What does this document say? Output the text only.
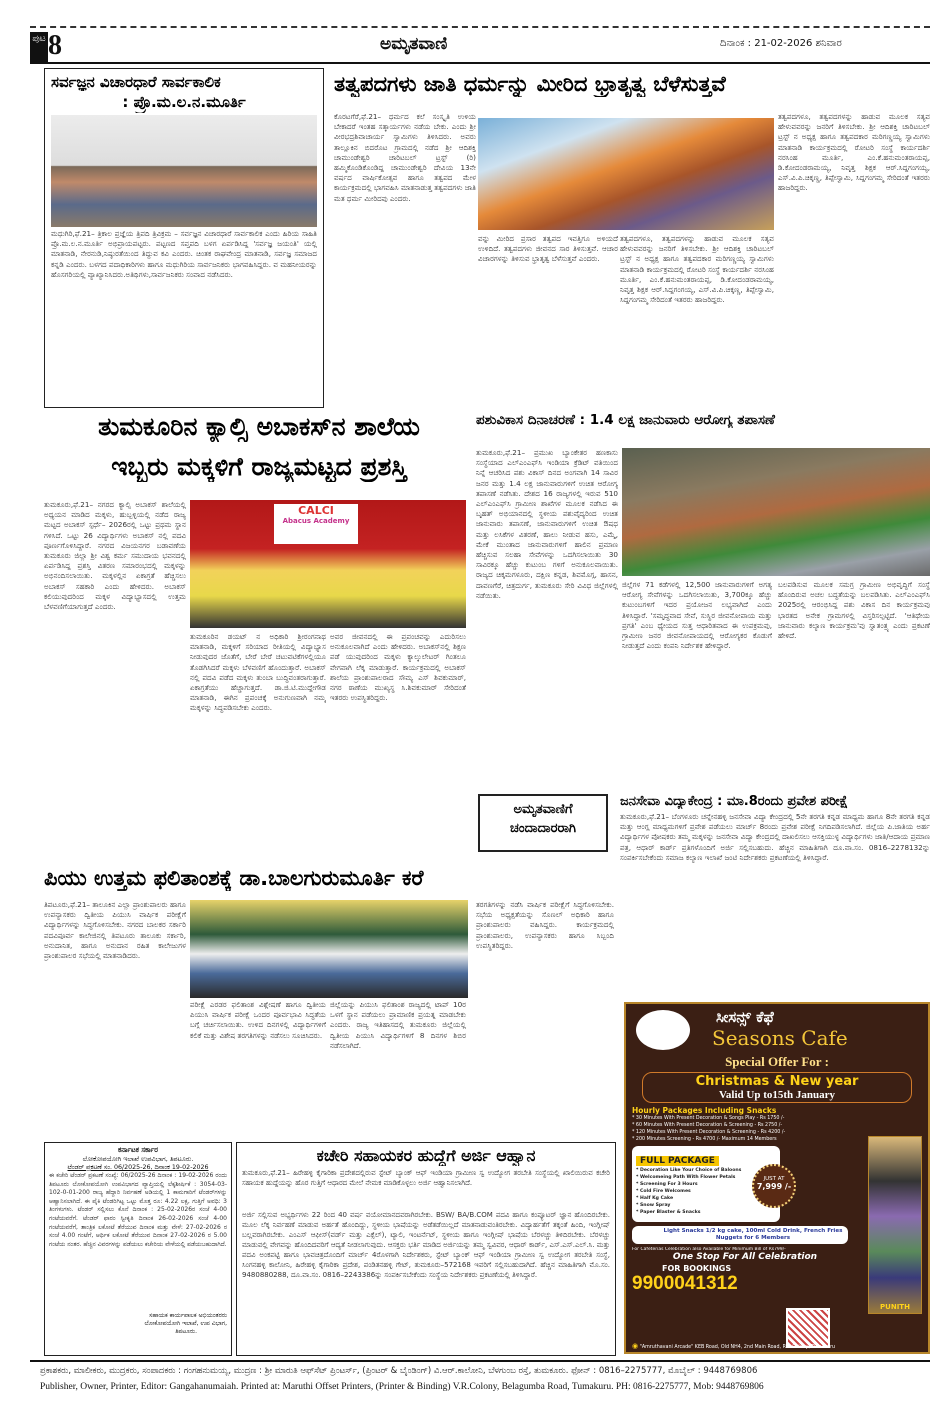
ಪುಟ 8	ಅಮೃತವಾಣಿ	ದಿನಾಂಕ : 21-02-2026 ಶನಿವಾರ
ಸರ್ವಜ್ಞನ ವಿಚಾರಧಾರೆ ಸಾರ್ವಕಾಲಿಕ
: ಪ್ರೊ.ಮ.ಲ.ನ.ಮೂರ್ತಿ
ಮಧುಗಿರಿ,ಫೆ.21– ತ್ರಿಕಾಲ ಪ್ರಜ್ಞೆಯ ತ್ರಿಪದಿ ತ್ರಿವಿಕ್ರಮ – ಸರ್ವಜ್ಞನ ವಿಚಾರಧಾರೆ ಸಾರ್ವಕಾಲಿಕ ಎಂದು ಹಿರಿಯ ಸಾಹಿತಿ ಪ್ರೊ.ಮ.ಲ.ನ.ಮೂರ್ತಿ ಅಭಿಪ್ರಾಯಪಟ್ಟರು. ಪಟ್ಟಣದ ಸಪ್ತಪದಿ ಬಳಗ ಏರ್ಪಡಿಸಿದ್ದ 'ಸರ್ವಜ್ಞ ಜಯಂತಿ' ಯಲ್ಲಿ ಮಾತನಾಡಿ, ನೇರನುಡಿ,ನಿಷ್ಠುರತೆಯಿಂದ ತಿದ್ದುವ ಕವಿ ಎಂದರು. ಚಿಂತಕ ರಾಘವೇಂದ್ರ ಮಾತನಾಡಿ, ಸರ್ವಜ್ಞ ಸಮಾಜದ ಕನ್ನಡಿ ಎಂದರು. ಬಳಗದ ಪದಾಧಿಕಾರಿಗಳು ಹಾಗೂ ಮಧುಗಿರಿಯ ಸಾರ್ವಜನಿಕರು ಭಾಗವಹಿಸಿದ್ದರು. ವ ಮಹನೀಯರನ್ನು ಹೊಸಗರಿಯಲ್ಲಿ ವ್ಯಾಖ್ಯಾನಿಸಿದರು.ಅತಿಥಿಗಳು,ಸಾರ್ವಜನಿಕರು ಸಂವಾದ ನಡೆಸಿದರು.
ತತ್ವಪದಗಳು ಜಾತಿ ಧರ್ಮನ್ನು ಮೀರಿದ ಭ್ರಾತೃತ್ವ ಬೆಳೆಸುತ್ತವೆ
ಕೊರಟಗೆರೆ,ಫೆ.21– ಧರ್ಮದ ಕಲೆ ಸಂಸ್ಕೃತಿ ಉಳಿಯ ಬೇಕಾದರೆ ಇಂತಹ ಸತ್ಕಾರ್ಯಗಳು ನಡೆಯ ಬೇಕು. ಎಂದು ಶ್ರೀ ವೀರಭದ್ರಶಿವಾಚಾರ್ಯ ಸ್ವಾಮಿಗಳು ತಿಳಿಸಿದರು. ಅವರು ತಾಲ್ಲೂಕಿನ ಬಿದರೊಟ ಗ್ರಾಮದಲ್ಲಿ ನಡೆದ ಶ್ರೀ ಆದಿಶಕ್ತಿ ಚಾಮುಂಡೇಶ್ವರಿ ಚಾರಿಟಬಲ್ ಟ್ರಸ್ಟ್ (ರಿ) ಹಮ್ಮಿಕೊಂಡಿಕೊಂಡಿದ್ದ ಚಾಮುಂಡೇಶ್ವರಿ ದೇವಿಯ 13ನೇ ವರ್ಷದ ವಾರ್ಷಿಕೋತ್ಸವ ಹಾಗೂ ತತ್ವಪದ ಮೇಳ ಕಾರ್ಯಕ್ರಮದಲ್ಲಿ ಭಾಗವಹಿಸಿ ಮಾತನಾಡುತ್ತ ತತ್ವಪದಗಳು ಜಾತಿ ಮತ ಧರ್ಮ ಮೀರಿದವು ಎಂದರು.
ವನ್ನು ಮೀರಿದ ಪ್ರಸಾರ ತತ್ವಪದ ಇವತ್ತಿಗೂ ಅಳಿಯದೆ ಉಳಿದಿದೆ. ತತ್ವಪದಗಳು ಜೀವನದ ಸಾರ ತಿಳಿಸುತ್ತವೆ. ಆಚಾರ ವಿಚಾರಗಳನ್ನು ತಿಳಿಸುವ ಭ್ರಾತೃತ್ವ ಬೆಳೆಸುತ್ತವೆ ಎಂದರು.
ತತ್ವಪದಗಳೂ, ತತ್ವಪದಗಳನ್ನು ಹಾಡುವ ಮೂಲಕ ಸತ್ಯವ ಹೇಳುವವರನ್ನು ಜನರಿಗೆ ತಿಳಿಸಬೇಕು. ಶ್ರೀ ಆದಿಶಕ್ತಿ ಚಾರಿಟಬಲ್ ಟ್ರಸ್ಟ್ ನ ಅಧ್ಯಕ್ಷ ಹಾಗೂ ತತ್ವಪದಕಾರ ಮರಿಗಣ್ಣಯ್ಯ ಸ್ವಾಮಿಗಳು ಮಾತನಾಡಿ ಕಾರ್ಯಕ್ರಮದಲ್ಲಿ ರೋಟರಿ ಸಂಸ್ಥೆ ಕಾರ್ಯದರ್ಶಿ ನರಸಿಂಹ ಮೂರ್ತಿ, ಎಂ.ಕೆ.ಹನುಮಂತರಾಯಪ್ಪ, ಡಿ.ಕೋದಂಡರಾಮಯ್ಯ, ನಿವೃತ್ತ ಶಿಕ್ಷಕ ಆರ್.ಸಿದ್ದಗಂಗಯ್ಯ, ಎಸ್.ವಿ.ಪಿ.ಚಿಕ್ಕಣ್ಣ, ತಿಪ್ಪೇಸ್ವಾಮಿ, ಸಿದ್ದಗಂಗಮ್ಮ ಸೇರಿದಂತೆ ಇತರರು ಹಾಜರಿದ್ದರು.
ತತ್ವಪದಗಳೂ, ತತ್ವಪದಗಳನ್ನು ಹಾಡುವ ಮೂಲಕ ಸತ್ಯವ ಹೇಳುವವರನ್ನು ಜನರಿಗೆ ತಿಳಿಸಬೇಕು. ಶ್ರೀ ಆದಿಶಕ್ತಿ ಚಾರಿಟಬಲ್ ಟ್ರಸ್ಟ್ ನ ಅಧ್ಯಕ್ಷ ಹಾಗೂ ತತ್ವಪದಕಾರ ಮರಿಗಣ್ಣಯ್ಯ ಸ್ವಾಮಿಗಳು ಮಾತನಾಡಿ ಕಾರ್ಯಕ್ರಮದಲ್ಲಿ ರೋಟರಿ ಸಂಸ್ಥೆ ಕಾರ್ಯದರ್ಶಿ ನರಸಿಂಹ ಮೂರ್ತಿ, ಎಂ.ಕೆ.ಹನುಮಂತರಾಯಪ್ಪ, ಡಿ.ಕೋದಂಡರಾಮಯ್ಯ, ನಿವೃತ್ತ ಶಿಕ್ಷಕ ಆರ್.ಸಿದ್ದಗಂಗಯ್ಯ, ಎಸ್.ವಿ.ಪಿ.ಚಿಕ್ಕಣ್ಣ, ತಿಪ್ಪೇಸ್ವಾಮಿ, ಸಿದ್ದಗಂಗಮ್ಮ ಸೇರಿದಂತೆ ಇತರರು ಹಾಜರಿದ್ದರು.
ತುಮಕೂರಿನ ಕ್ಯಾಲ್ಸಿ ಅಬಾಕಸ್‌ನ ಶಾಲೆಯ
ಇಬ್ಬರು ಮಕ್ಕಳಿಗೆ ರಾಜ್ಯಮಟ್ಟದ ಪ್ರಶಸ್ತಿ
ತುಮಕೂರು,ಫೆ.21– ನಗರದ ಕ್ಯಾಲ್ಸಿ ಅಬಾಕಸ್ ಶಾಲೆಯಲ್ಲಿ ಅಧ್ಯಯನ ಮಾಡಿದ ಮಕ್ಕಳು, ಹುಬ್ಬಳ್ಳಿಯಲ್ಲಿ ನಡೆದ ರಾಜ್ಯ ಮಟ್ಟದ ಅಬಾಕಸ್ ಸ್ಪರ್ಧೆ– 2026ರಲ್ಲಿ ಒಟ್ಟು ಪ್ರಥಮ ಸ್ಥಾನ ಗಳಿಸಿದೆ. ಒಟ್ಟು 26 ವಿದ್ಯಾರ್ಥಿಗಳು ಅಬಾಕಸ್ ನಲ್ಲಿ ಪದವಿ ಪೂರ್ಣಗೊಳಿಸಿದ್ದಾರೆ. ನಗರದ ವಿಜಯನಗರ ಬಡಾವಣೆಯ ತುಮಕೂರು ಜಿಲ್ಲಾ ಶ್ರೀ ವಿಶ್ವ ಕರ್ಮ ಸಮುದಾಯ ಭವನದಲ್ಲಿ ಏರ್ಪಡಿಸಿದ್ದ ಪ್ರಶಸ್ತಿ ವಿತರಣ ಸಮಾರಂಭದಲ್ಲಿ ಮಕ್ಕಳನ್ನು ಅಭಿನಂದಿಸಲಾಯಿತು. ಮಕ್ಕಳಲ್ಲಿನ ಏಕಾಗ್ರತೆ ಹೆಚ್ಚಿಸಲು ಅಬಾಕಸ್ ಸಹಕಾರಿ ಎಂದು ಹೇಳಿದರು. ಅಬಾಕಸ್ ಕಲಿಯುವುದರಿಂದ ಮಕ್ಕಳ ವಿದ್ಯಾಭ್ಯಾಸದಲ್ಲಿ ಉತ್ತಮ ಬೆಳವಣಿಗೆಯಾಗುತ್ತದೆ ಎಂದರು.
CALCI
Abacus Academy
ತುಮಕೂರಿನ ಡಯಟ್ ನ ಅಧಿಕಾರಿ ಶ್ರೀರಂಗನಾಥ ಮಾತನಾಡಿ, ಮಕ್ಕಳಿಗೆ ಸರಿಯಾದ ರೀತಿಯಲ್ಲಿ ವಿದ್ಯಾಭ್ಯಾಸ ನೀಡುವುದರ ಜೊತೆಗೆ, ಬೇರೆ ಬೇರೆ ಚಟುವಟಿಕೆಗಳಲ್ಲಿಯೂ ತೊಡಗಿಸಿದರೆ ಮಕ್ಕಳು ಬೆಳವಣಿಗೆ ಹೊಂದುತ್ತಾರೆ. ಅಬಾಕಸ್ ನಲ್ಲಿ ಪದವಿ ಪಡೆದ ಮಕ್ಕಳು ತುಂಬಾ ಬುದ್ಧಿವಂತರಾಗುತ್ತಾರೆ. ಏಕಾಗ್ರತೆಯು ಹೆಚ್ಚಾಗುತ್ತದೆ. ಡಾ.ಜಿ.ಟಿ.ಮುದ್ದೇಗೌಡ ಮಾತನಾಡಿ, ಈಗಿನ ಪ್ರಪಂಚಕ್ಕೆ ಅನುಗುಣವಾಗಿ ನಮ್ಮ ಮಕ್ಕಳನ್ನು ಸಿದ್ಧಪಡಿಸಬೇಕು ಎಂದರು.
ಅವರ ಜೀವನದಲ್ಲಿ ಈ ಪ್ರಪಂಚವನ್ನು ಎದುರಿಸಲು ಅನುಕೂಲವಾಗಿದೆ ಎಂದು ಹೇಳಿದರು. ಅಬಾಕಸ್‌ನಲ್ಲಿ ಶಿಕ್ಷಣ ಪಡೆ ಯುವುದರಿಂದ ಮಕ್ಕಳು ಕ್ಯಾಲ್ಕುಲೇಟರ್ ಗಿಂತಲೂ ವೇಗವಾಗಿ ಲೆಕ್ಕ ಮಾಡುತ್ತಾರೆ. ಕಾರ್ಯಕ್ರಮದಲ್ಲಿ ಅಬಾಕಸ್ ಶಾಲೆಯ ಪ್ರಾಂಶುಪಾಲರಾದ ಸೌಮ್ಯ ಎಸ್ ಶಿವಕುಮಾರ್, ನಗರ ಠಾಣೆಯ ಮುಖ್ಯಸ್ಥ ಸಿ.ಶಿವಕುಮಾರ್ ಸೇರಿದಂತೆ ಇತರರು ಉಪಸ್ಥಿತರಿದ್ದರು.
ಪಶುವಿಕಾಸ ದಿನಾಚರಣೆ : 1.4 ಲಕ್ಷ ಜಾನುವಾರು ಆರೋಗ್ಯ ತಪಾಸಣೆ
ತುಮಕೂರು,ಫೆ.21– ಪ್ರಮುಖ ಬ್ಯಾಂಕೇತರ ಹಣಕಾಸು ಸಂಸ್ಥೆಯಾದ ಎಲ್‌ಎಂಎಫ್‌ಸಿ ಇಂಡಿಯಾ ಕ್ರೆಡಿಟ್ ವತಿಯಿಂದ ನಿನ್ನೆ ಆಚರಿಸಿದ ಪಶು ವಿಕಾಸ್ ದಿನದ ಅಂಗವಾಗಿ 14 ಸಾವಿರ ಜನರ ಮತ್ತು 1.4 ಲಕ್ಷ ಜಾನುವಾರುಗಳಿಗೆ ಉಚಿತ ಆರೋಗ್ಯ ತಪಾಸಣೆ ನಡೆಸಿತು. ದೇಶದ 16 ರಾಜ್ಯಗಳಲ್ಲಿ ಇರುವ 510 ಎಲ್‌ಎಂಎಫ್‌ಸಿ ಗ್ರಾಮೀಣ ಶಾಖೆಗಳ ಮೂಲಕ ನಡೆಸಿದ ಈ ಬೃಹತ್ ಅಭಿಯಾನದಲ್ಲಿ ಸ್ಥಳೀಯ ಪಶುವೈದ್ಯರಿಂದ ಉಚಿತ ಜಾನುವಾರು ತಪಾಸಣೆ, ಜಾನುವಾರುಗಳಿಗೆ ಉಚಿತ ಔಷಧ ಮತ್ತು ಲಸಿಕೆಗಳ ವಿತರಣೆ, ಹಾಲು ನೀಡುವ ಹಸು, ಎಮ್ಮೆ, ಮೇಕೆ ಮುಂತಾದ ಜಾನುವಾರುಗಳಿಗೆ ಹಾಲಿನ ಪ್ರಮಾಣ ಹೆಚ್ಚಿಸುವ ಸಲಹಾ ಸೇವೆಗಳನ್ನು ಒದಗಿಸಲಾಯಿತು 30 ಸಾವಿರಕ್ಕೂ ಹೆಚ್ಚು ಕುಟುಂಬ ಗಳಿಗೆ ಅನುಕೂಲವಾಯಿತು. ರಾಜ್ಯದ ಚಿಕ್ಕಮಗಳೂರು, ದಕ್ಷಿಣ ಕನ್ನಡ, ಶಿವಮೊಗ್ಗ, ಹಾಸನ, ದಾವಣಗೆರೆ, ಚಿತ್ರದುರ್ಗ, ತುಮಕೂರು ಸೇರಿ ವಿವಿಧ ಜಿಲ್ಲೆಗಳಲ್ಲಿ ನಡೆಯಿತು.
ಜಿಲ್ಲೆಗಳ 71 ಕಡೆಗಳಲ್ಲಿ 12,500 ಜಾನುವಾರುಗಳಿಗೆ ಅಗತ್ಯ ಆರೋಗ್ಯ ಸೇವೆಗಳನ್ನು ಒದಗಿಸಲಾಯಿತು, 3,700ಕ್ಕೂ ಹೆಚ್ಚು ಕುಟುಂಬಗಳಿಗೆ ಇದರ ಪ್ರಯೋಜನ ಲಭ್ಯವಾಗಿದೆ ಎಂದು ತಿಳಿಸಿದ್ದಾರೆ. 'ಸಮೃದ್ಧವಾದ ಸೇವೆ, ಸುಸ್ಥಿರ ಜೀವನೋಪಾಯ ಮತ್ತು ಪ್ರಗತಿ' ಎಂಬ ಧ್ಯೇಯದ ಸುತ್ತ ಆಧಾರಿತವಾದ ಈ ಉಪಕ್ರಮವು, ಗ್ರಾಮೀಣ ಜನರ ಜೀವನೋಪಾಯದಲ್ಲಿ ಆರೋಗ್ಯಕರ ಕೊಡುಗೆ ನೀಡುತ್ತದೆ ಎಂದು ಕಂಪನಿ ನಿರ್ದೇಶಕ ಹೇಳಿದ್ದಾರೆ.
ಬಲಪಡಿಸುವ ಮೂಲಕ ಸಮಗ್ರ ಗ್ರಾಮೀಣ ಅಭಿವೃದ್ಧಿಗೆ ಸಂಸ್ಥೆ ಹೊಂದಿರುವ ಅಚಲ ಬದ್ಧತೆಯನ್ನು ಬಲಪಡಿಸಿತು. ಎಲ್‌ಎಂಎಫ್‌ಸಿ 2025ರಲ್ಲಿ ಆರಂಭಿಸಿದ್ದ ಪಶು ವಿಕಾಸ ದಿನ ಕಾರ್ಯಕ್ರಮವು ಭಾರತದ ಅನೇಕ ಗ್ರಾಮಗಳಲ್ಲಿ ವಿಸ್ತರಿಸಲ್ಪಟ್ಟಿದೆ. 'ಆತಿಥೇಯ ಜಾನುವಾರು ಕಲ್ಯಾಣ ಕಾರ್ಯಕ್ರಮ'ವು ಸ್ವಾತಂತ್ರ್ಯ ಎಂದು ಪ್ರಕಟಣೆ ಹೇಳಿದೆ.
ಅಮೃತವಾಣಿಗೆ
ಚಂದಾದಾರರಾಗಿ
ಜನಸೇವಾ ವಿದ್ಯಾಕೇಂದ್ರ : ಮಾ.8ರಂದು ಪ್ರವೇಶ ಪರೀಕ್ಷೆ
ತುಮಕೂರು,ಫೆ.21– ಬೆಂಗಳೂರು ಚನ್ನೇನಹಳ್ಳಿ ಜನಸೇವಾ ವಿದ್ಯಾ ಕೇಂದ್ರದಲ್ಲಿ 5ನೇ ತರಗತಿ ಕನ್ನಡ ಮಾಧ್ಯಮ ಹಾಗೂ 8ನೇ ತರಗತಿ ಕನ್ನಡ ಮತ್ತು ಆಂಗ್ಲ ಮಾಧ್ಯಮಗಳಿಗೆ ಪ್ರವೇಶ ಪಡೆಯಲು ಮಾರ್ಚ್ 8ರಂದು ಪ್ರವೇಶ ಪರೀಕ್ಷೆ ನಿಗದಿಪಡಿಸಲಾಗಿದೆ. ಜಿಲ್ಲೆಯ ಪಿ.ಜಾತಿಯ ಅರ್ಹ ವಿದ್ಯಾರ್ಥಿಗಳ ಪೋಷಕರು ತಮ್ಮ ಮಕ್ಕಳನ್ನು ಜನಸೇವಾ ವಿದ್ಯಾ ಕೇಂದ್ರದಲ್ಲಿ ದಾಖಲಿಸಲು ಆಸಕ್ತಿಯುಳ್ಳ ವಿದ್ಯಾರ್ಥಿಗಳು ಜಾತಿ/ಆದಾಯ ಪ್ರಮಾಣ ಪತ್ರ, ಆಧಾರ್ ಕಾರ್ಡ್ ಪ್ರತಿಗಳೊಂದಿಗೆ ಅರ್ಜಿ ಸಲ್ಲಿಸಬಹುದು. ಹೆಚ್ಚಿನ ಮಾಹಿತಿಗಾಗಿ ದೂ.ವಾ.ಸಂ. 0816–2278132ನ್ನು ಸಂಪರ್ಕಿಸಬೇಕೆಂದು ಸಮಾಜ ಕಲ್ಯಾಣ ಇಲಾಖೆ ಜಂಟಿ ನಿರ್ದೇಶಕರು ಪ್ರಕಟಣೆಯಲ್ಲಿ ತಿಳಿಸಿದ್ದಾರೆ.
ಪಿಯು ಉತ್ತಮ ಫಲಿತಾಂಶಕ್ಕೆ ಡಾ.ಬಾಲಗುರುಮೂರ್ತಿ ಕರೆ
ತಿಪಟೂರು,ಫೆ.21– ತಾಲೂಕಿನ ಎಲ್ಲಾ ಪ್ರಾಂಶುಪಾಲರು ಹಾಗೂ ಉಪನ್ಯಾಸಕರು ದ್ವಿತೀಯ ಪಿಯುಸಿ ವಾರ್ಷಿಕ ಪರೀಕ್ಷೆಗೆ ವಿದ್ಯಾರ್ಥಿಗಳನ್ನು ಸಿದ್ಧಗೊಳಿಸಬೇಕು. ನಗರದ ಬಾಲಕರ ಸರ್ಕಾರಿ ಪದವಿಪೂರ್ವ ಕಾಲೇಜಿನಲ್ಲಿ ತಿಪಟೂರು ತಾಲೂಕು ಸರ್ಕಾರಿ, ಅನುದಾನಿತ, ಹಾಗೂ ಅನುದಾನ ರಹಿತ ಕಾಲೇಜುಗಳ ಪ್ರಾಂಶುಪಾಲರ ಸಭೆಯಲ್ಲಿ ಮಾತನಾಡಿದರು.
ಪರೀಕ್ಷೆ ಎರಡರ ಫಲಿತಾಂಶ ವಿಶ್ಲೇಷಣೆ ಹಾಗೂ ದ್ವಿತೀಯ ಪಿಯುಸಿ ವಾರ್ಷಿಕ ಪರೀಕ್ಷೆ ಒಂದರ ಪೂರ್ವಭಾವಿ ಸಿದ್ಧತೆಯ ಬಗ್ಗೆ ಚರ್ಚಿಸಲಾಯಿತು. ಉಳಿದ ದಿನಗಳಲ್ಲಿ ವಿದ್ಯಾರ್ಥಿಗಳಿಗೆ ಕಲಿಕೆ ಮತ್ತು ವಿಶೇಷ ತರಗತಿಗಳನ್ನು ನಡೆಸಲು ಸೂಚಿಸಿದರು.
ಜಿಲ್ಲೆಯನ್ನು ಪಿಯುಸಿ ಫಲಿತಾಂಶ ರಾಜ್ಯದಲ್ಲಿ ಟಾಪ್ 10ರ ಒಳಗೆ ಸ್ಥಾನ ಪಡೆಯಲು ಪ್ರಾಮಾಣಿಕ ಪ್ರಯತ್ನ ಮಾಡಬೇಕು ಎಂದರು. ರಾಜ್ಯ ಇತಿಹಾಸದಲ್ಲಿ ತುಮಕೂರು ಜಿಲ್ಲೆಯಲ್ಲಿ ದ್ವಿತೀಯ ಪಿಯುಸಿ ವಿದ್ಯಾರ್ಥಿಗಳಿಗೆ 8 ದಿನಗಳ ಶಿಬಿರ ನಡೆಸಲಾಗಿದೆ.
ತರಗತಿಗಳನ್ನು ನಡೆಸಿ ವಾರ್ಷಿಕ ಪರೀಕ್ಷೆಗೆ ಸಿದ್ಧಗೊಳಿಸಬೇಕು. ಸಭೆಯ ಅಧ್ಯಕ್ಷತೆಯನ್ನು ಸೊಣಲ್ ಅಧಿಕಾರಿ ಹಾಗೂ ಪ್ರಾಂಶುಪಾಲರು ವಹಿಸಿದ್ದರು. ಕಾರ್ಯಕ್ರಮದಲ್ಲಿ ಪ್ರಾಂಶುಪಾಲರು, ಉಪನ್ಯಾಸಕರು ಹಾಗೂ ಸಿಬ್ಬಂದಿ ಉಪಸ್ಥಿತರಿದ್ದರು.
ಕರ್ನಾಟಕ ಸರ್ಕಾರ
ಲೋಕೋಪಯೋಗಿ ಇಲಾಖೆ ಉಪವಿಭಾಗ, ತಿಪಟೂರು.
ಟೆಂಡರ್ ಪ್ರಕಟಣೆ ಸಂ. 06/2025-26, ದಿನಾಂಕ 19-02-2026
ಈ ಕಚೇರಿ ಟೆಂಡರ್ ಪ್ರಕಟಣೆ ಸಂಖ್ಯೆ: 06/2025-26 ದಿನಾಂಕ : 19-02-2026 ರಂದು ತಿಪಟೂರು ಲೋಕೋಪಯೋಗಿ ಉಪವಿಭಾಗದ ವ್ಯಾಪ್ತಿಯಲ್ಲಿ ಲೆಕ್ಕಶೀರ್ಷಿಕೆ : 3054-03-102-0-01-200 ರಾಜ್ಯ ಹೆದ್ದಾರಿ ನಿರ್ವಹಣೆ ಅಡಿಯಲ್ಲಿ 1 ಕಾಮಗಾರಿಗೆ ಟೆಂಡರ್‌ಗಳನ್ನು ಆಹ್ವಾನಿಸಲಾಗಿದೆ. ಈ ಪೈಕಿ ಟೆಂಡರಿಗಿಟ್ಟ ಒಟ್ಟು ಮೊತ್ತ ರೂ: 4.22 ಲಕ್ಷ, ಗುತ್ತಿಗೆ ಅವಧಿ: 3 ತಿಂಗಳುಗಳು. ಟೆಂಡರ್ ಸಲ್ಲಿಸಲು ಕೊನೆ ದಿನಾಂಕ : 25-02-2026ರ ಸಂಜೆ 4-00 ಗಂಟೆಯವರೆಗೆ. ಟೆಂಡರ್ ಫಾರಂ ಸ್ವೀಕೃತಿ ದಿನಾಂಕ 26-02-2026 ಸಂಜೆ 4-00 ಗಂಟೆಯವರೆಗೆ, ತಾಂತ್ರಿಕ ಲಕೋಟೆ ತೆರೆಯುವ ದಿನಾಂಕ ಮತ್ತು ವೇಳೆ: 27-02-2026 ರ ಸಂಜೆ 4.00 ಗಂಟೆಗೆ, ಆರ್ಥಿಕ ಲಕೋಟೆ ತೆರೆಯುವ ದಿನಾಂಕ 27-02-2026 ರ 5.00 ಗಂಟೆಯ ನಂತರ. ಹೆಚ್ಚಿನ ವಿವರಗಳನ್ನು ಪಡೆಯಲು ಕಚೇರಿಯ ವೇಳೆಯಲ್ಲಿ ಪಡೆಯಬಹುದಾಗಿದೆ.
ಸಹಾಯಕ ಕಾರ್ಯಪಾಲಕ ಅಭಿಯಂತರರು
ಲೋಕೋಪಯೋಗಿ ಇಲಾಖೆ, ಉಪ ವಿಭಾಗ,
ತಿಪಟೂರು.
ಕಚೇರಿ ಸಹಾಯಕರ ಹುದ್ದೆಗೆ ಅರ್ಜಿ ಆಹ್ವಾನ
ತುಮಕೂರು,ಫೆ.21– ಹಿರೇಹಳ್ಳಿ ಕೈಗಾರಿಕಾ ಪ್ರದೇಶದಲ್ಲಿರುವ ಸ್ಟೇಟ್ ಬ್ಯಾಂಕ್ ಆಫ್ ಇಂಡಿಯಾ ಗ್ರಾಮೀಣ ಸ್ವ ಉದ್ಯೋಗ ತರಬೇತಿ ಸಂಸ್ಥೆಯಲ್ಲಿ ಖಾಲಿಯಿರುವ ಕಚೇರಿ ಸಹಾಯಕ ಹುದ್ದೆಯನ್ನು ಹೊರ ಗುತ್ತಿಗೆ ಆಧಾರದ ಮೇಲೆ ನೇಮಕ ಮಾಡಿಕೊಳ್ಳಲು ಅರ್ಜಿ ಆಹ್ವಾನಿಸಲಾಗಿದೆ.
ಅರ್ಜಿ ಸಲ್ಲಿಸುವ ಅಭ್ಯರ್ಥಿಗಳು 22 ರಿಂದ 40 ವರ್ಷ ವಯೋಮಾನದವರಾಗಿರಬೇಕು. BSW/ BA/B.COM ಪದವಿ ಹಾಗೂ ಕಂಪ್ಯೂಟರ್ ಜ್ಞಾನ ಹೊಂದಿರಬೇಕು. ಮೂಲ ಲೆಕ್ಕ ನಿರ್ವಹಣೆ ಮಾಡುವ ಅರ್ಹತೆ ಹೊಂದಿದ್ದು, ಸ್ಥಳೀಯ ಭಾಷೆಯನ್ನು ಅಡೆತಡೆಯಿಲ್ಲದೆ ಮಾತನಾಡುವಂತಿರಬೇಕು. ವಿದ್ಯಾರ್ಹತೆಗೆ ತಕ್ಕಂತೆ ಹಿಂದಿ, ಇಂಗ್ಲೀಷ್ ಬಲ್ಲವರಾಗಿರಬೇಕು. ಎಂಎಸ್ ಆಫೀಸ್(ವರ್ಡ್ ಮತ್ತು ಎಕ್ಸೆಲ್), ಟ್ಯಾಲಿ, ಇಂಟರ್ನೆಟ್, ಸ್ಥಳೀಯ ಹಾಗೂ ಇಂಗ್ಲೀಷ್ ಭಾಷೆಯ ಬೆರಳಚ್ಚು ತಿಳಿದಿರಬೇಕು. ಬೆರಳಚ್ಚು ಮಾಡುವಲ್ಲಿ ವೇಗವನ್ನು ಹೊಂದಿದವರಿಗೆ ಆದ್ಯತೆ ನೀಡಲಾಗುವುದು. ಆಸಕ್ತರು ಭರ್ತಿ ಮಾಡಿದ ಅರ್ಜಿಯನ್ನು ತಮ್ಮ ಸ್ವವಿವರ, ಆಧಾರ್ ಕಾರ್ಡ್, ಎಸ್.ಎಸ್.ಎಲ್.ಸಿ. ಮತ್ತು ಪದವಿ ಅಂಕಪಟ್ಟಿ ಹಾಗೂ ಭಾವಚಿತ್ರದೊಂದಿಗೆ ಮಾರ್ಚ್ 4ರೊಳಗಾಗಿ ನಿರ್ದೇಶಕರು, ಸ್ಟೇಟ್ ಬ್ಯಾಂಕ್ ಆಫ್ ಇಂಡಿಯಾ ಗ್ರಾಮೀಣ ಸ್ವ ಉದ್ಯೋಗ ತರಬೇತಿ ಸಂಸ್ಥೆ, ಸಿಂಗನಹಳ್ಳಿ ಕಾಲೋನಿ, ಹಿರೇಹಳ್ಳಿ ಕೈಗಾರಿಕಾ ಪ್ರದೇಶ, ಪಂಡಿತನಹಳ್ಳಿ ಗೇಟ್, ತುಮಕೂರು–572168 ಇವರಿಗೆ ಸಲ್ಲಿಸಬಹುದಾಗಿದೆ. ಹೆಚ್ಚಿನ ಮಾಹಿತಿಗಾಗಿ ಮೊ.ಸಂ. 9480880288, ದೂ.ವಾ.ಸಂ. 0816–2243386ನ್ನು ಸಂಪರ್ಕಿಸಬೇಕೆಂದು ಸಂಸ್ಥೆಯ ನಿರ್ದೇಶಕರು ಪ್ರಕಟಣೆಯಲ್ಲಿ ತಿಳಿಸಿದ್ದಾರೆ.
ಸೀಸನ್ಸ್ ಕೆಫೆ
Seasons Cafe
Special Offer For :
Christmas & New year
Valid Up to15th January
Hourly Packages Including Snacks
* 30 Minutes With Present Decoration & Songs Play - Rs 1750 /-
* 60 Minutes With Present Decoration & Screening - Rs 2750 /-
* 120 Minutes With Present Decoration & Screening - Rs 4200 /-
* 200 Minutes Screening - Rs 4700 /- Maximum 14 Members
FULL PACKAGE
* Decoration Like Your Choice of Baloons
* Welcomeing Path With Flower Petals
* Screening For 3 Hours
* Cold Fire Welcomes
* Half Kg Cake
* Snow Spray
* Paper Blaster & Snacks
JUST AT
7,999 /-
PUNITH
Light Snacks 1/2 kg cake, 100ml Cold Drink, French Fries Nuggets for 6 Members
For Cafeterias Celebration also Available for Minimum Bill of Rs799/-
One Stop For All Celebration
FOR BOOKINGS
9900041312
◉ "Amruthavani Arcade" KEB Road, Old NH4, 2nd Main Road, R.V Colony, Tumakuru
ಪ್ರಕಾಶಕರು, ಮಾಲೀಕರು, ಮುದ್ರಕರು, ಸಂಪಾದಕರು : ಗಂಗಹನುಮಯ್ಯ, ಮುದ್ರಣ : ಶ್ರೀ ಮಾರುತಿ ಆಫ್‌ಸೆಟ್ ಪ್ರಿಂಟರ್ಸ್, (ಪ್ರಿಂಟರ್ & ಬೈಂಡಿಂಗ್) ವಿ.ಆರ್.ಕಾಲೋನಿ, ಬೆಳಗುಂಬ ರಸ್ತೆ, ತುಮಕೂರು. ಫೋನ್ : 0816–2275777, ಮೊಬೈಲ್ : 9448769806
Publisher, Owner, Printer, Editor: Gangahanumaiah. Printed at: Maruthi Offset Printers, (Printer & Binding) V.R.Colony, Belagumba Road, Tumakuru. PH: 0816-2275777, Mob: 9448769806
